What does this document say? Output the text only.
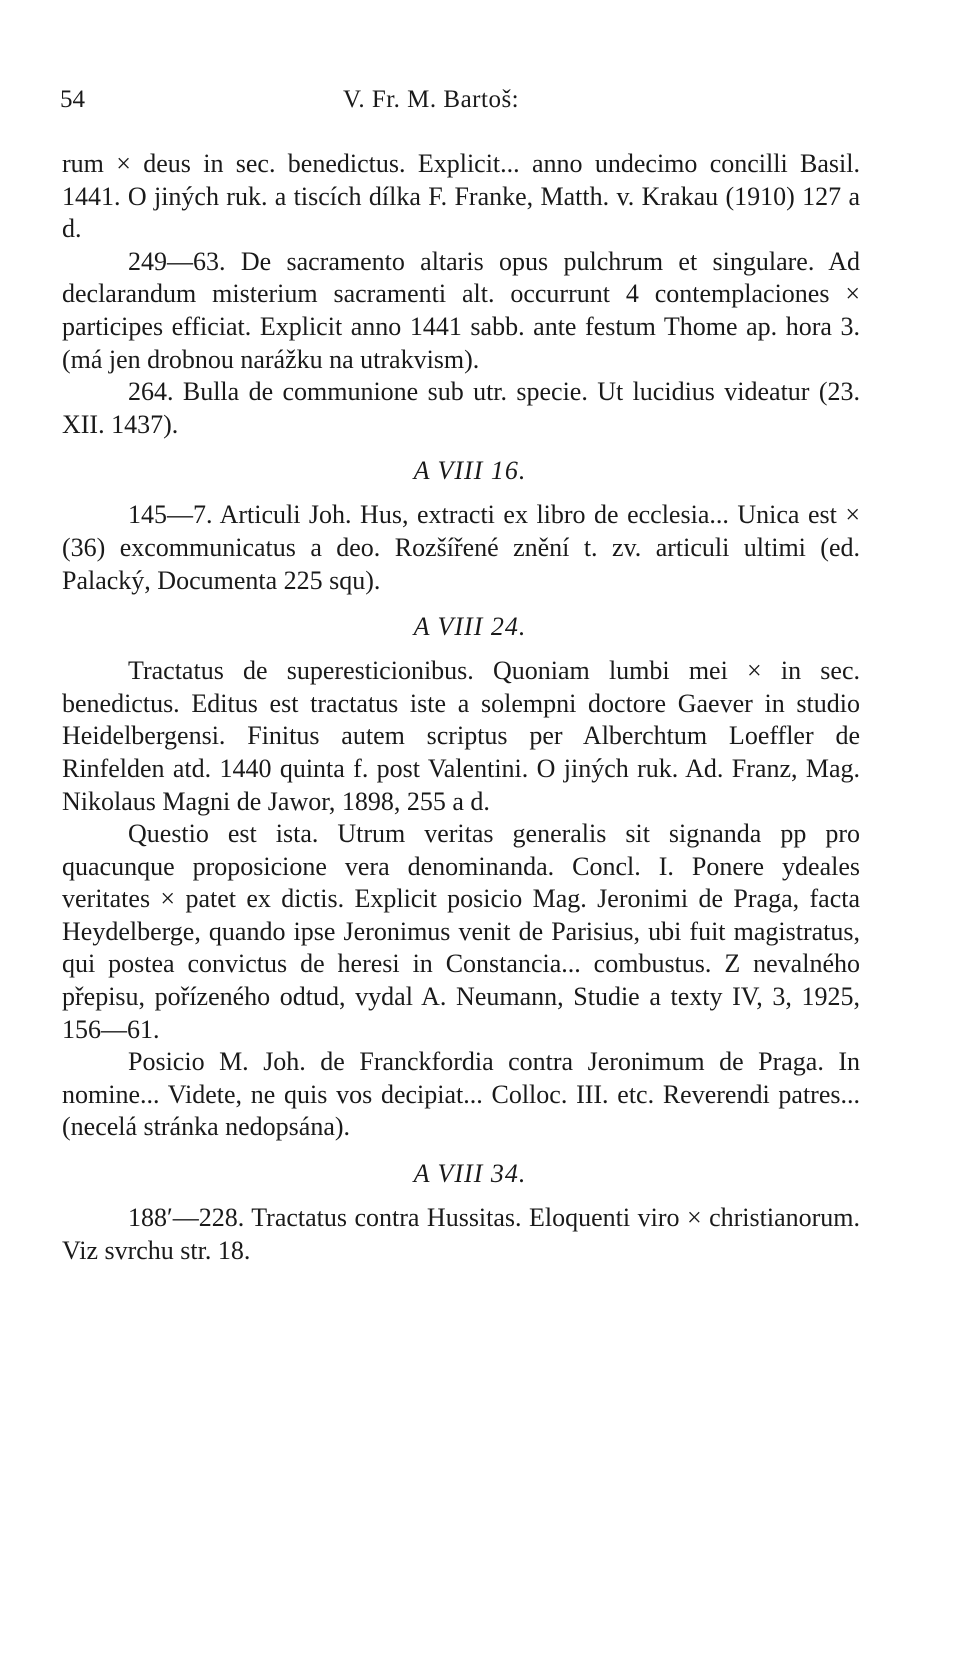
54	V. Fr. M. Bartoš:

rum × deus in sec. benedictus. Explicit... anno undecimo concilli Basil. 1441. O jiných ruk. a tiscích dílka F. Franke, Matth. v. Krakau (1910) 127 a d.

249—63. De sacramento altaris opus pulchrum et singulare. Ad declarandum misterium sacramenti alt. occurrunt 4 contemplaciones × participes efficiat. Explicit anno 1441 sabb. ante festum Thome ap. hora 3. (má jen drobnou narážku na utrakvism).

264. Bulla de communione sub utr. specie. Ut lucidius videatur (23. XII. 1437).

A VIII 16.

145—7. Articuli Joh. Hus, extracti ex libro de ecclesia... Unica est × (36) excommunicatus a deo. Rozšířené znění t. zv. articuli ultimi (ed. Palacký, Documenta 225 squ).

A VIII 24.

Tractatus de superesticionibus. Quoniam lumbi mei × in sec. benedictus. Editus est tractatus iste a solempni doctore Gaever in studio Heidelbergensi. Finitus autem scriptus per Alberchtum Loeffler de Rinfelden atd. 1440 quinta f. post Valentini. O jiných ruk. Ad. Franz, Mag. Nikolaus Magni de Jawor, 1898, 255 a d.

Questio est ista. Utrum veritas generalis sit signanda pp pro quacunque proposicione vera denominanda. Concl. I. Ponere ydeales veritates × patet ex dictis. Explicit posicio Mag. Jeronimi de Praga, facta Heydelberge, quando ipse Jeronimus venit de Parisius, ubi fuit magistratus, qui postea convictus de heresi in Constancia... combustus. Z nevalného přepisu, pořízeného odtud, vydal A. Neumann, Studie a texty IV, 3, 1925, 156—61.

Posicio M. Joh. de Franckfordia contra Jeronimum de Praga. In nomine... Videte, ne quis vos decipiat... Colloc. III. etc. Reverendi patres... (necelá stránka nedopsána).

A VIII 34.

188′—228. Tractatus contra Hussitas. Eloquenti viro × christianorum. Viz svrchu str. 18.
